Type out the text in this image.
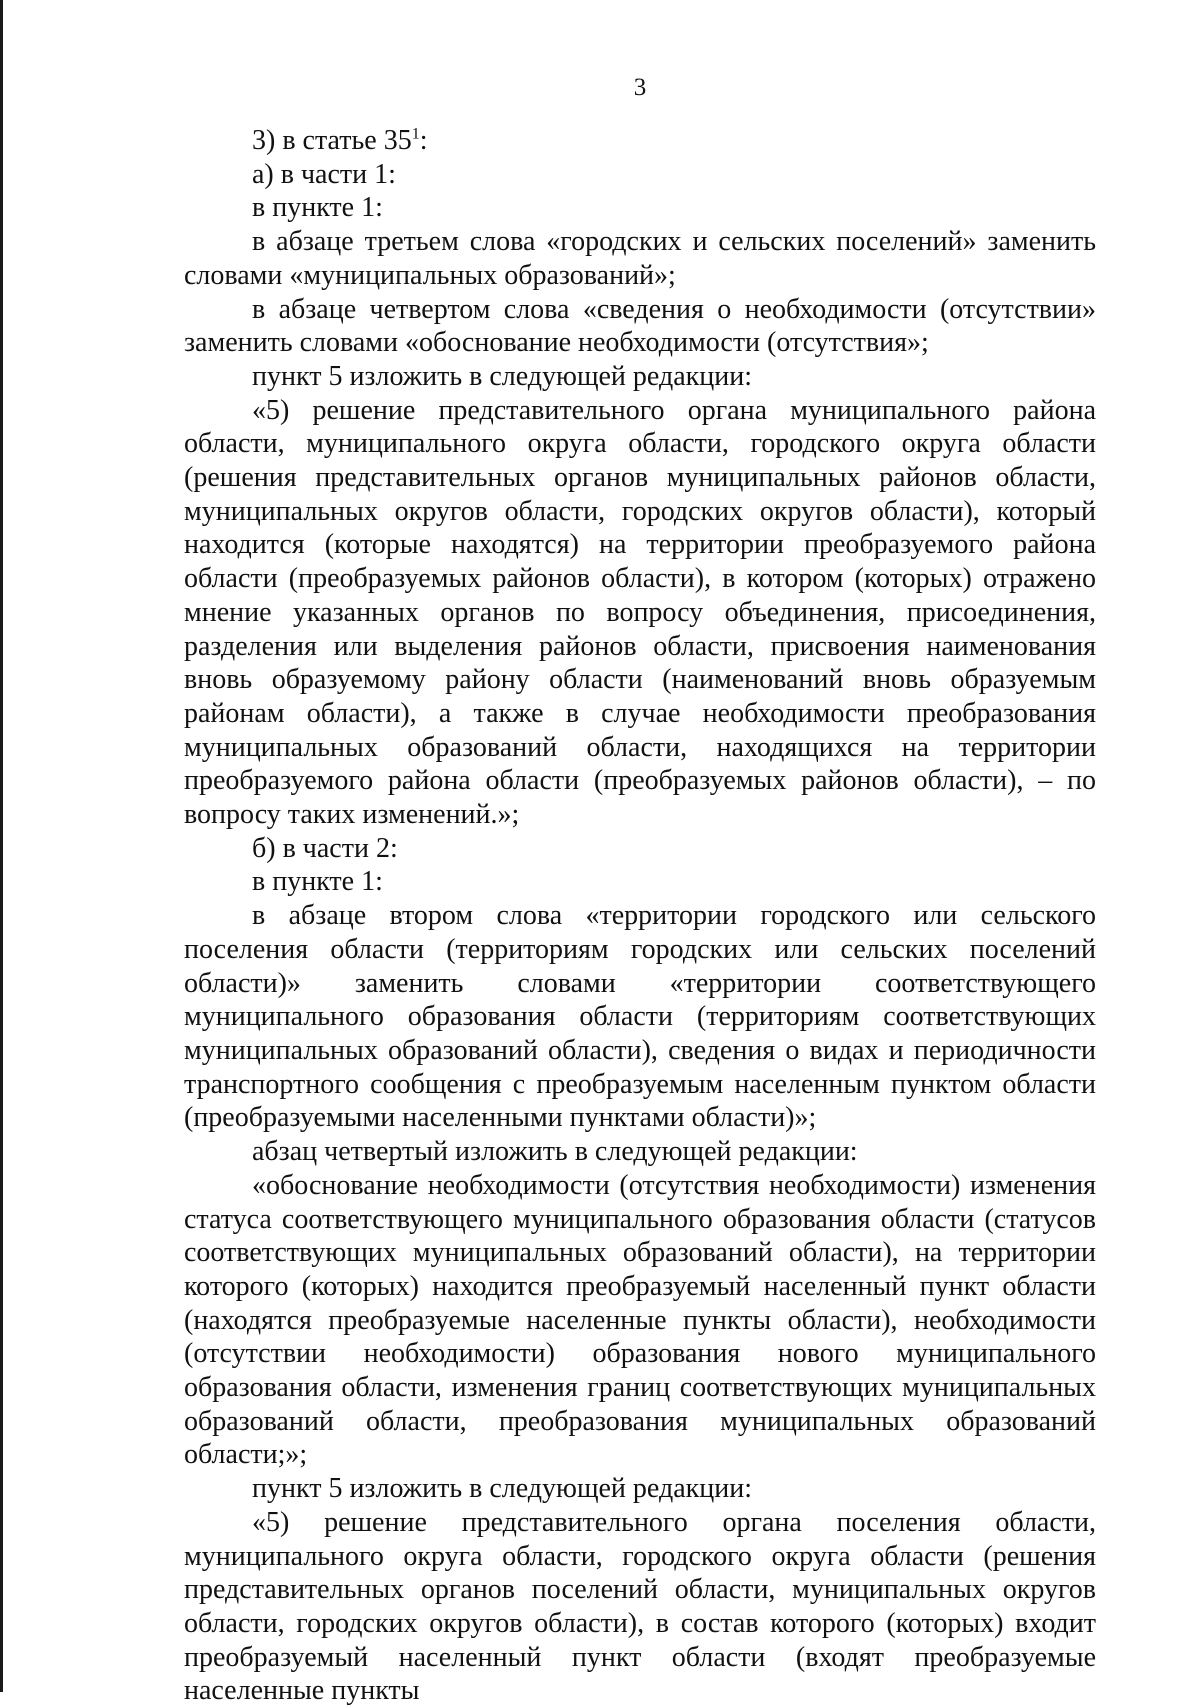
3

3) в статье $35^1$:

а) в части 1:

в пункте 1:

в абзаце третьем слова «городских и сельских поселений» заменить словами «муниципальных образований»;

в абзаце четвертом слова «сведения о необходимости (отсутствии» заменить словами «обоснование необходимости (отсутствия»;

пункт 5 изложить в следующей редакции:

«5) решение представительного органа муниципального района области, муниципального округа области, городского округа области (решения представительных органов муниципальных районов области, муниципальных округов области, городских округов области), который находится (которые находятся) на территории преобразуемого района области (преобразуемых районов области), в котором (которых) отражено мнение указанных органов по вопросу объединения, присоединения, разделения или выделения районов области, присвоения наименования вновь образуемому району области (наименований вновь образуемым районам области), а также в случае необходимости преобразования муниципальных образований области, находящихся на территории преобразуемого района области (преобразуемых районов области), – по вопросу таких изменений.»;

б) в части 2:

в пункте 1:

в абзаце втором слова «территории городского или сельского поселения области (территориям городских или сельских поселений области)» заменить словами «территории соответствующего муниципального образования области (территориям соответствующих муниципальных образований области), сведения о видах и периодичности транспортного сообщения с преобразуемым населенным пунктом области (преобразуемыми населенными пунктами области)»;

абзац четвертый изложить в следующей редакции:

«обоснование необходимости (отсутствия необходимости) изменения статуса соответствующего муниципального образования области (статусов соответствующих муниципальных образований области), на территории которого (которых) находится преобразуемый населенный пункт области (находятся преобразуемые населенные пункты области), необходимости (отсутствии необходимости) образования нового муниципального образования области, изменения границ соответствующих муниципальных образований области, преобразования муниципальных образований области;»;

пункт 5 изложить в следующей редакции:

«5) решение представительного органа поселения области, муниципального округа области, городского округа области (решения представительных органов поселений области, муниципальных округов области, городских округов области), в состав которого (которых) входит преобразуемый населенный пункт области (входят преобразуемые населенные пункты
